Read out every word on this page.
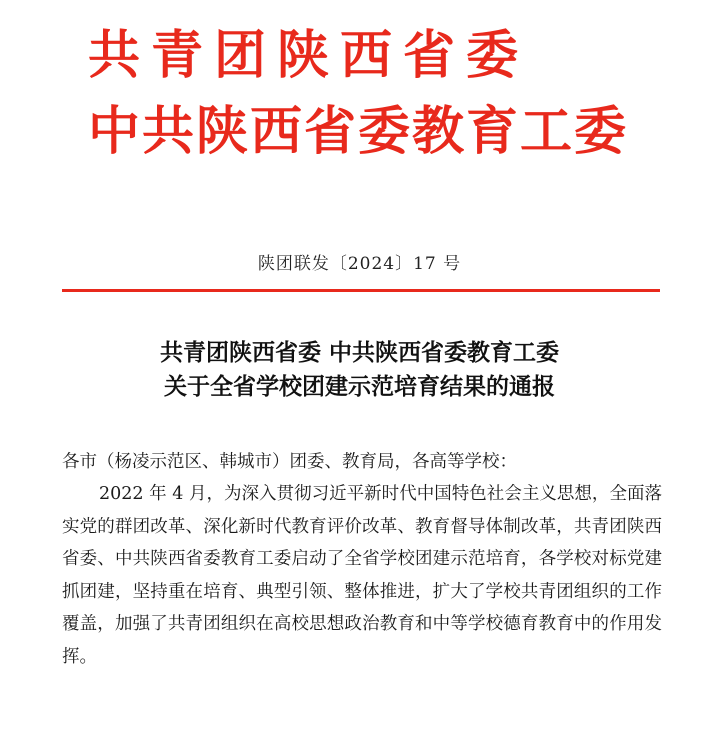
共青团陕西省委
中共陕西省委教育工委
陕团联发〔2024〕17 号
共青团陕西省委 中共陕西省委教育工委
关于全省学校团建示范培育结果的通报
各市（杨凌示范区、韩城市）团委、教育局，各高等学校：
2022 年 4 月，为深入贯彻习近平新时代中国特色社会主义思想，全面落实党的群团改革、深化新时代教育评价改革、教育督导体制改革，共青团陕西省委、中共陕西省委教育工委启动了全省学校团建示范培育，各学校对标党建抓团建，坚持重在培育、典型引领、整体推进，扩大了学校共青团组织的工作覆盖，加强了共青团组织在高校思想政治教育和中等学校德育教育中的作用发挥。
